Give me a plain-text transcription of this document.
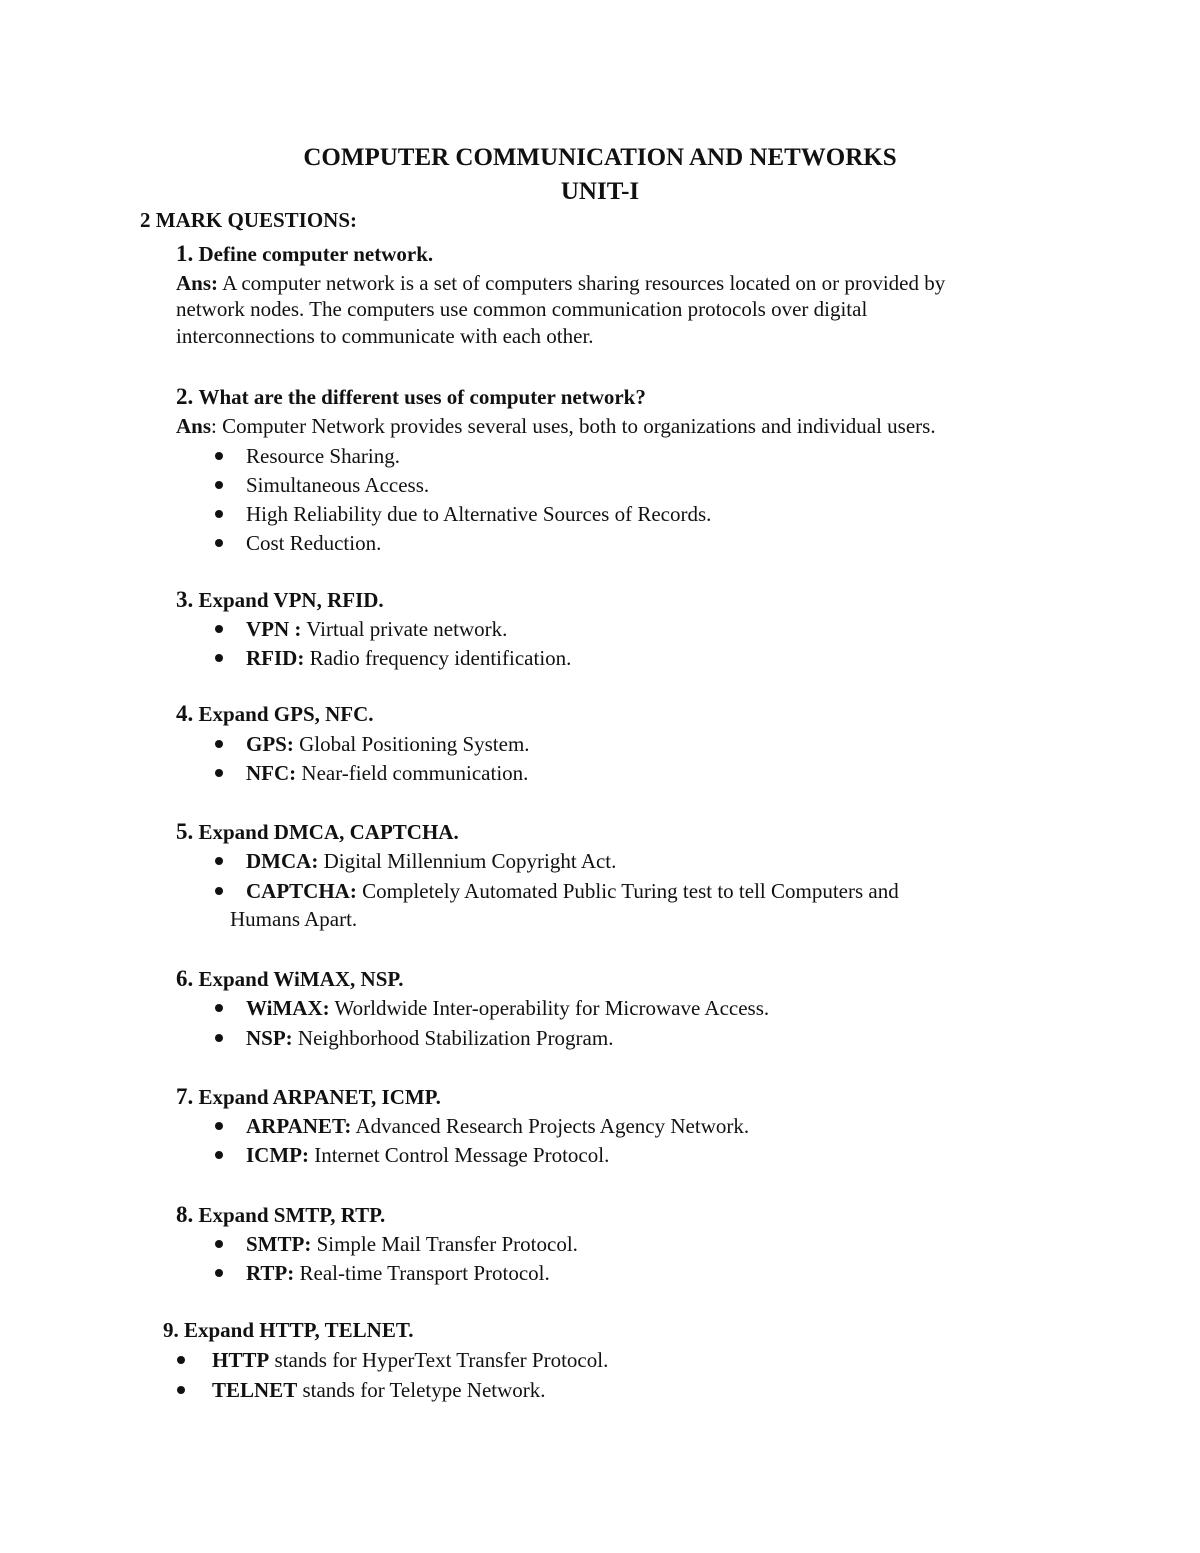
COMPUTER COMMUNICATION AND NETWORKS
UNIT-I
2 MARK QUESTIONS:
1. Define computer network.
Ans: A computer network is a set of computers sharing resources located on or provided by
network nodes. The computers use common communication protocols over digital
interconnections to communicate with each other.
2. What are the different uses of computer network?
Ans: Computer Network provides several uses, both to organizations and individual users.
Resource Sharing.
Simultaneous Access.
High Reliability due to Alternative Sources of Records.
Cost Reduction.
3. Expand VPN, RFID.
VPN : Virtual private network.
RFID: Radio frequency identification.
4. Expand GPS, NFC.
GPS: Global Positioning System.
NFC: Near-field communication.
5. Expand DMCA, CAPTCHA.
DMCA: Digital Millennium Copyright Act.
CAPTCHA: Completely Automated Public Turing test to tell Computers and
Humans Apart.
6. Expand WiMAX, NSP.
WiMAX: Worldwide Inter-operability for Microwave Access.
NSP: Neighborhood Stabilization Program.
7. Expand ARPANET, ICMP.
ARPANET: Advanced Research Projects Agency Network.
ICMP: Internet Control Message Protocol.
8. Expand SMTP, RTP.
SMTP: Simple Mail Transfer Protocol.
RTP: Real-time Transport Protocol.
9. Expand HTTP, TELNET.
HTTP stands for HyperText Transfer Protocol.
TELNET stands for Teletype Network.
